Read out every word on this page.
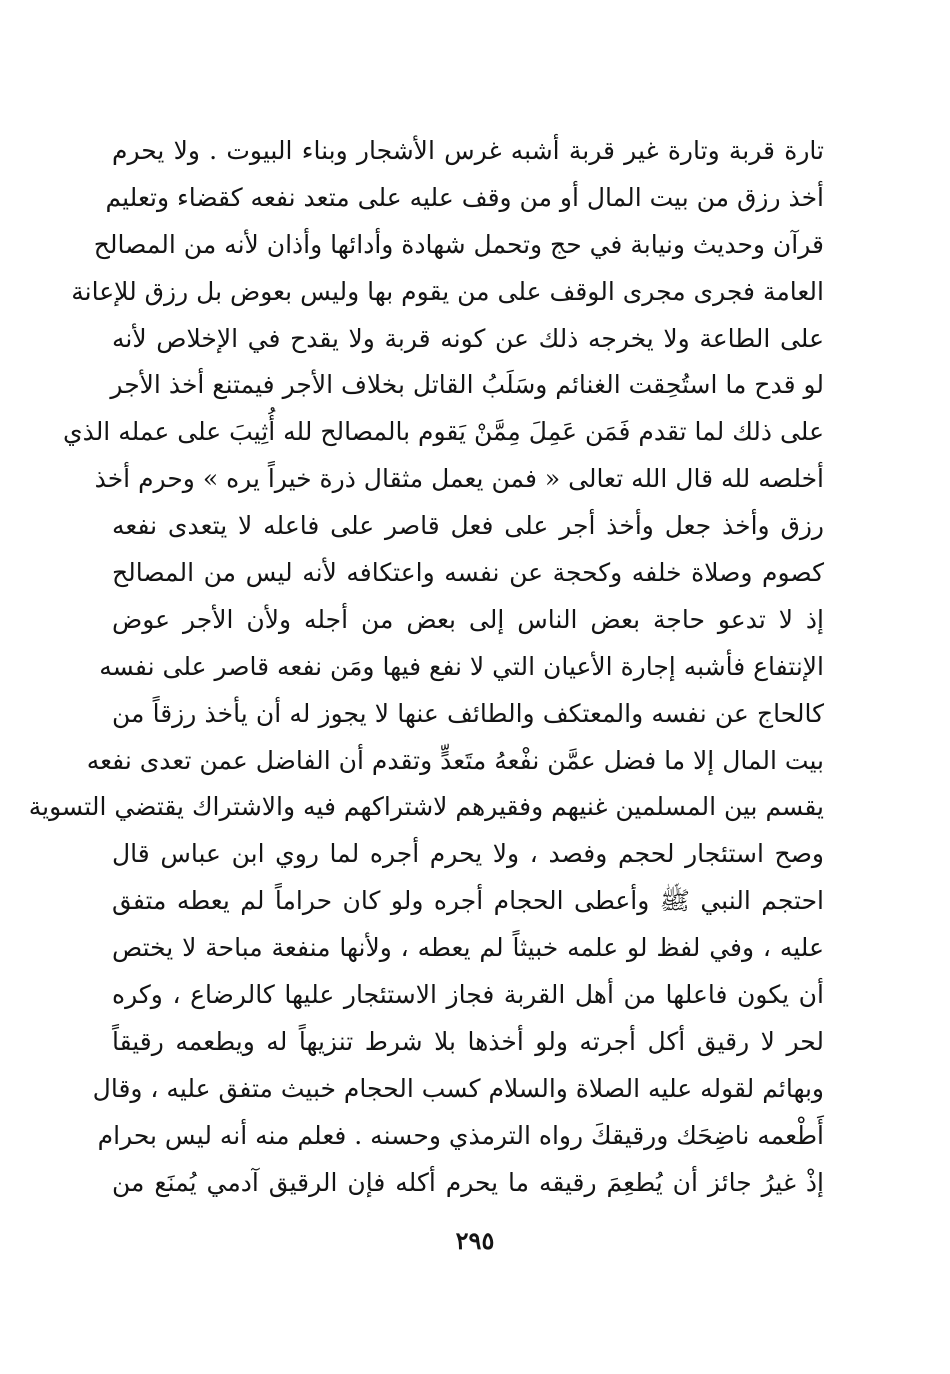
تارة قربة وتارة غير قربة أشبه غرس الأشجار وبناء البيوت . ولا يحرم
أخذ رزق من بيت المال أو من وقف عليه على متعد نفعه كقضاء وتعليم
قرآن وحديث ونيابة في حج وتحمل شهادة وأدائها وأذان لأنه من المصالح
العامة فجرى مجرى الوقف على من يقوم بها وليس بعوض بل رزق للإعانة
على الطاعة ولا يخرجه ذلك عن كونه قربة ولا يقدح في الإخلاص لأنه
لو قدح ما استُحِقت الغنائم وسَلَبُ القاتل بخلاف الأجر فيمتنع أخذ الأجر
على ذلك لما تقدم فَمَن عَمِلَ مِمَّنْ يَقوم بالمصالح لله أُثِيبَ على عمله الذي
أخلصه لله قال الله تعالى « فمن يعمل مثقال ذرة خيراً يره » وحرم أخذ
رزق وأخذ جعل وأخذ أجر على فعل قاصر على فاعله لا يتعدى نفعه
كصوم وصلاة خلفه وكحجة عن نفسه واعتكافه لأنه ليس من المصالح
إذ لا تدعو حاجة بعض الناس إلى بعض من أجله ولأن الأجر عوض
الإنتفاع فأشبه إجارة الأعيان التي لا نفع فيها ومَن نفعه قاصر على نفسه
كالحاج عن نفسه والمعتكف والطائف عنها لا يجوز له أن يأخذ رزقاً من
بيت المال إلا ما فضل عمَّن نفْعهُ متَعدٍّ وتقدم أن الفاضل عمن تعدى نفعه
يقسم بين المسلمين غنيهم وفقيرهم لاشتراكهم فيه والاشتراك يقتضي التسوية
وصح استئجار لحجم وفصد ، ولا يحرم أجره لما روي ابن عباس قال
احتجم النبي ﷺ وأعطى الحجام أجره ولو كان حراماً لم يعطه متفق
عليه ، وفي لفظ لو علمه خبيثاً لم يعطه ، ولأنها منفعة مباحة لا يختص
أن يكون فاعلها من أهل القربة فجاز الاستئجار عليها كالرضاع ، وكره
لحر لا رقيق أكل أجرته ولو أخذها بلا شرط تنزيهاً له ويطعمه رقيقاً
وبهائم لقوله عليه الصلاة والسلام كسب الحجام خبيث متفق عليه ، وقال
أَطْعمه ناضِحَك ورقيقكَ رواه الترمذي وحسنه . فعلم منه أنه ليس بحرام
إذْ غيرُ جائز أن يُطعِمَ رقيقه ما يحرم أكله فإن الرقيق آدمي يُمنَع من
٢٩٥
